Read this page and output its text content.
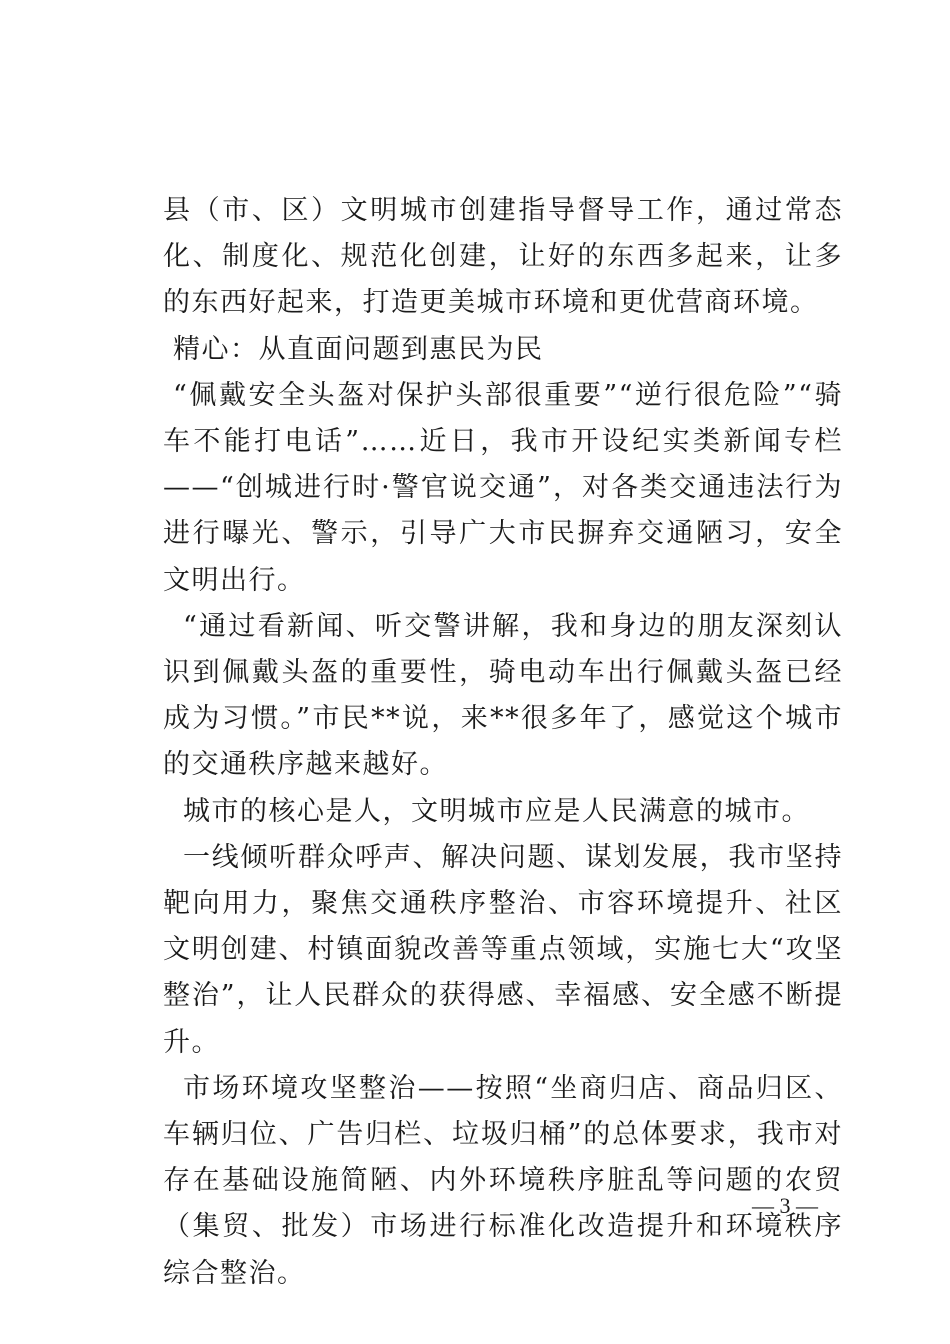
县（市、区）文明城市创建指导督导工作，通过常态化、制度化、规范化创建，让好的东西多起来，让多的东西好起来，打造更美城市环境和更优营商环境。

精心：从直面问题到惠民为民

“佩戴安全头盔对保护头部很重要”“逆行很危险”“骑车不能打电话”……近日，我市开设纪实类新闻专栏——“创城进行时·警官说交通”，对各类交通违法行为进行曝光、警示，引导广大市民摒弃交通陋习，安全文明出行。

“通过看新闻、听交警讲解，我和身边的朋友深刻认识到佩戴头盔的重要性，骑电动车出行佩戴头盔已经成为习惯。”市民**说，来**很多年了，感觉这个城市的交通秩序越来越好。

城市的核心是人，文明城市应是人民满意的城市。

一线倾听群众呼声、解决问题、谋划发展，我市坚持靶向用力，聚焦交通秩序整治、市容环境提升、社区文明创建、村镇面貌改善等重点领域，实施七大“攻坚整治”，让人民群众的获得感、幸福感、安全感不断提升。

市场环境攻坚整治——按照“坐商归店、商品归区、车辆归位、广告归栏、垃圾归桶”的总体要求，我市对存在基础设施简陋、内外环境秩序脏乱等问题的农贸（集贸、批发）市场进行标准化改造提升和环境秩序综合整治。

— 3 —
